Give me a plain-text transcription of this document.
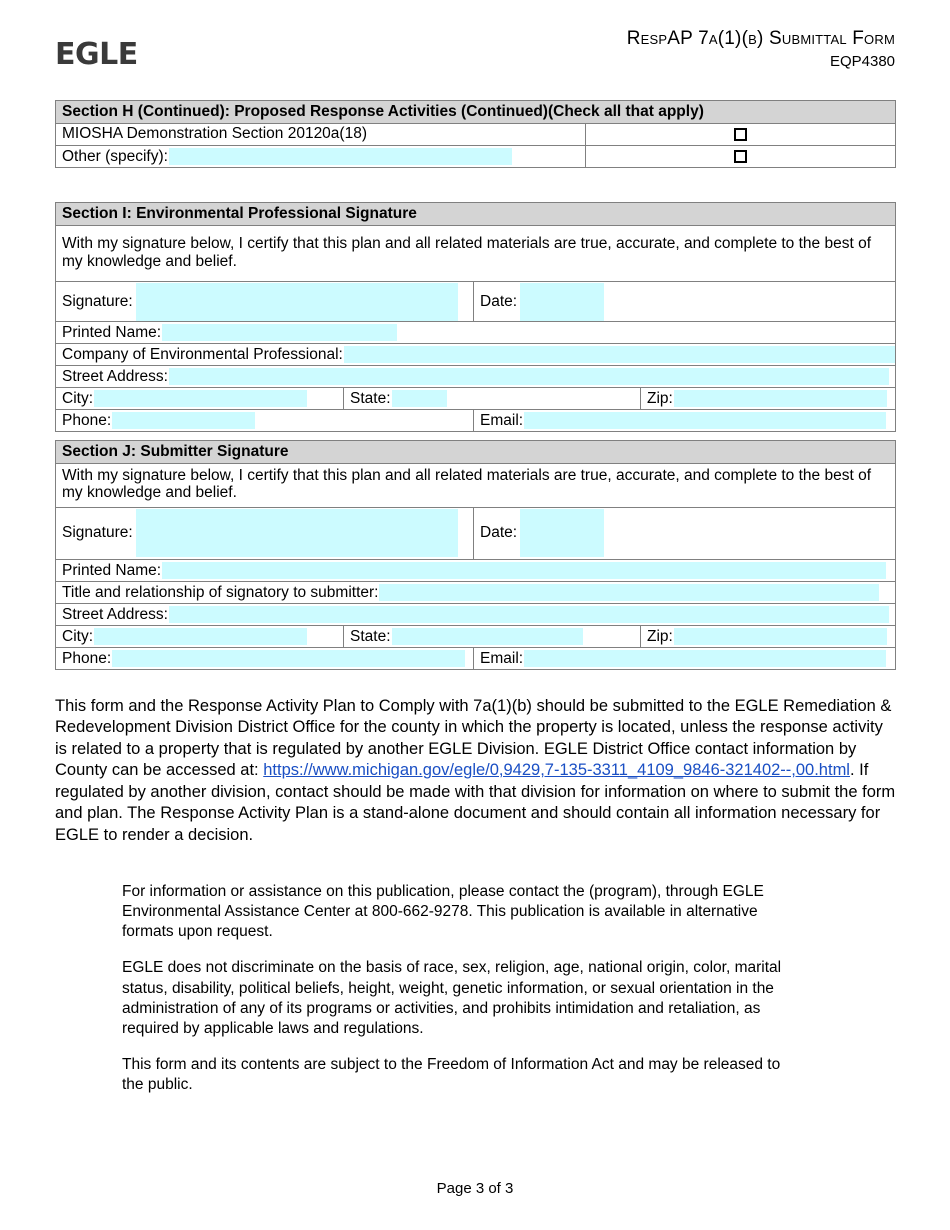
EGLE	RespAP 7a(1)(b) Submittal Form
EQP4380
Section H (Continued): Proposed Response Activities (Continued)(Check all that apply)	
MIOSHA Demonstration Section 20120a(18)	
Other (specify):	
Section I: Environmental Professional Signature			
With my signature below, I certify that this plan and all related materials are true, accurate, and complete to the best of my knowledge and belief.			
Signature:		Date:	
Printed Name:			
Company of Environmental Professional:			
Street Address:			
City:	State:		Zip:
Phone:		Email:	
Section J: Submitter Signature			
With my signature below, I certify that this plan and all related materials are true, accurate, and complete to the best of my knowledge and belief.			
Signature:		Date:	
Printed Name:			
Title and relationship of signatory to submitter:			
Street Address:			
City:	State:		Zip:
Phone:		Email:	
This form and the Response Activity Plan to Comply with 7a(1)(b) should be submitted to the EGLE Remediation & Redevelopment Division District Office for the county in which the property is located, unless the response activity is related to a property that is regulated by another EGLE Division. EGLE District Office contact information by County can be accessed at: https://www.michigan.gov/egle/0,9429,7-135-3311_4109_9846-321402--,00.html. If regulated by another division, contact should be made with that division for information on where to submit the form and plan. The Response Activity Plan is a stand-alone document and should contain all information necessary for EGLE to render a decision.

For information or assistance on this publication, please contact the (program), through EGLE Environmental Assistance Center at 800-662-9278. This publication is available in alternative formats upon request.

EGLE does not discriminate on the basis of race, sex, religion, age, national origin, color, marital status, disability, political beliefs, height, weight, genetic information, or sexual orientation in the administration of any of its programs or activities, and prohibits intimidation and retaliation, as required by applicable laws and regulations.

This form and its contents are subject to the Freedom of Information Act and may be released to the public.

Page 3 of 3
